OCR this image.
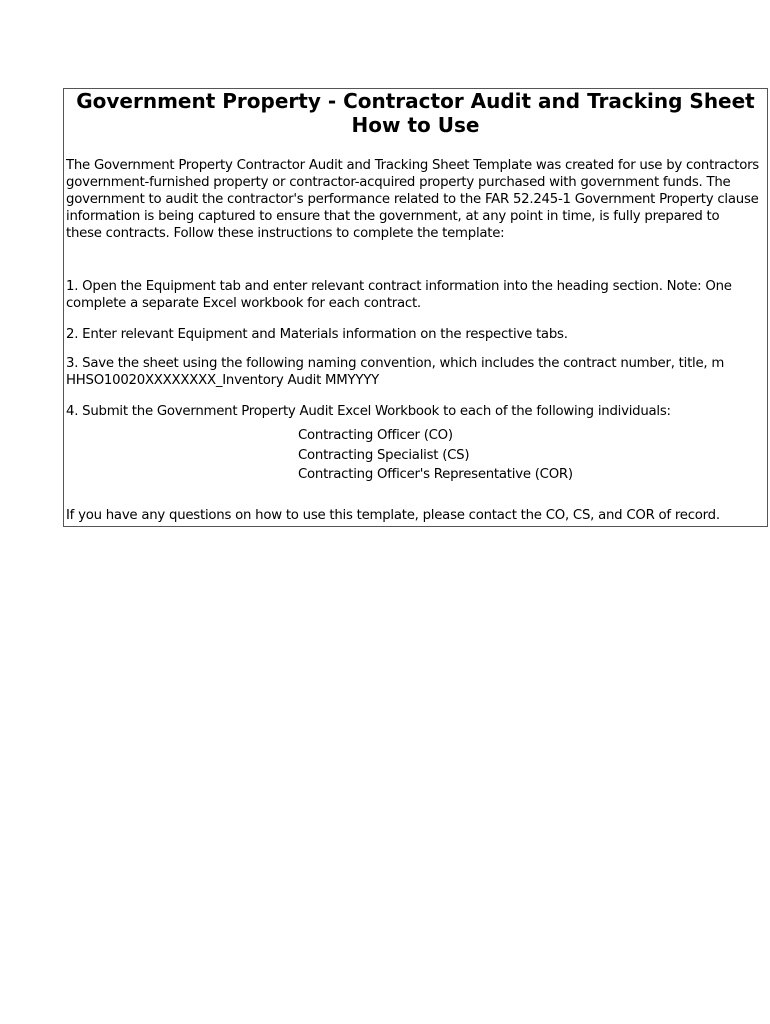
Government Property - Contractor Audit and Tracking Sheet
How to Use
The Government Property Contractor Audit and Tracking Sheet Template was created for use by contractors
government-furnished property or contractor-acquired property purchased with government funds. The
government to audit the contractor's performance related to the FAR 52.245-1 Government Property clause
information is being captured to ensure that the government, at any point in time, is fully prepared to
these contracts. Follow these instructions to complete the template:
1. Open the Equipment tab and enter relevant contract information into the heading section. Note: One
complete a separate Excel workbook for each contract.
2. Enter relevant Equipment and Materials information on the respective tabs.
3. Save the sheet using the following naming convention, which includes the contract number, title, m
HHSO10020XXXXXXXX_Inventory Audit MMYYYY
4. Submit the Government Property Audit Excel Workbook to each of the following individuals:
Contracting Officer (CO)
Contracting Specialist (CS)
Contracting Officer's Representative (COR)
If you have any questions on how to use this template, please contact the CO, CS, and COR of record.
